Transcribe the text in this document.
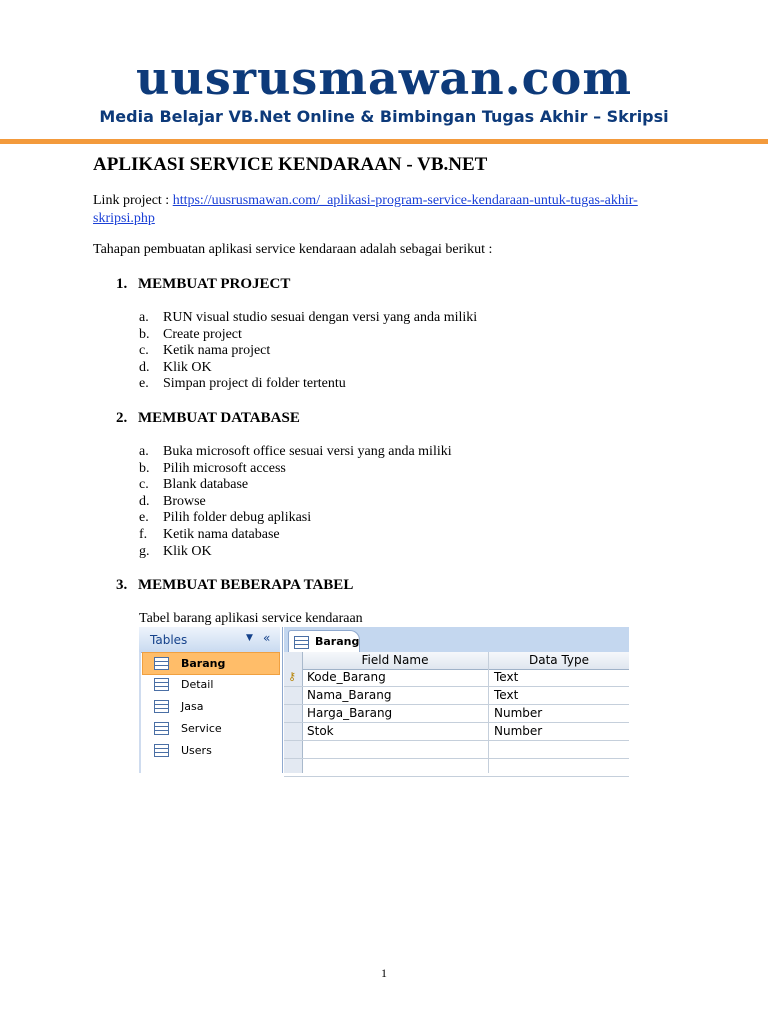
uusrusmawan.com
Media Belajar VB.Net Online & Bimbingan Tugas Akhir – Skripsi
APLIKASI SERVICE KENDARAAN - VB.NET
Link project : https://uusrusmawan.com/_aplikasi-program-service-kendaraan-untuk-tugas-akhir-skripsi.php
Tahapan pembuatan aplikasi service kendaraan adalah sebagai berikut :
1. MEMBUAT PROJECT
a. RUN visual studio sesuai dengan versi yang anda miliki
b. Create project
c. Ketik nama project
d. Klik OK
e. Simpan project di folder tertentu
2. MEMBUAT DATABASE
a. Buka microsoft office sesuai versi yang anda miliki
b. Pilih microsoft access
c. Blank database
d. Browse
e. Pilih folder debug aplikasi
f. Ketik nama database
g. Klik OK
3. MEMBUAT BEBERAPA TABEL
Tabel barang aplikasi service kendaraan
Tables	▼ «
Barang
Detail
Jasa
Service
Users
Barang
Field Name	Data Type
⚷ Kode_Barang	Text
Nama_Barang	Text
Harga_Barang	Number
Stok	Number
1
